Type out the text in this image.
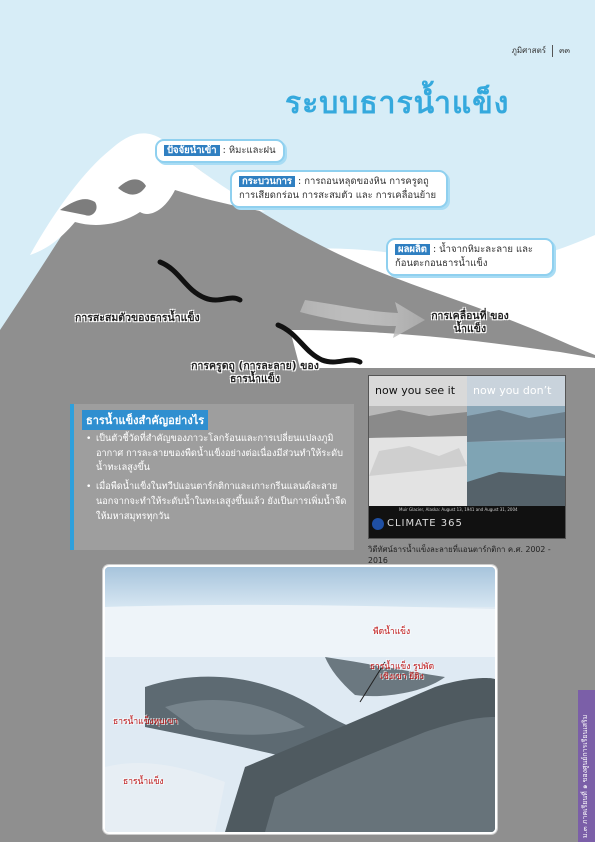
ภูมิศาสตร์ ๓๓
ระบบธารน้ำแข็ง
ปัจจัยนำเข้า : หิมะและฝน
กระบวนการ : การถอนหลุดของหิน การครูดถู การเสียดกร่อน การสะสมตัว และ การเคลื่อนย้าย
ผลผลิต : น้ำจากหิมะละลาย และ ก้อนตะกอนธารน้ำแข็ง
การสะสมตัวของธารน้ำแข็ง
การครูดถู (การละลาย) ของธารน้ำแข็ง
การเคลื่อนที่ ของน้ำแข็ง
ธารน้ำแข็งสำคัญอย่างไร
• เป็นตัวชี้วัดที่สำคัญของภาวะโลกร้อนและการเปลี่ยนแปลงภูมิอากาศ การละลายของพืดน้ำแข็งอย่างต่อเนื่องมีส่วนทำให้ระดับน้ำทะเลสูงขึ้น
• เมื่อพืดน้ำแข็งในทวีปแอนตาร์กติกาและเกาะกรีนแลนด์ละลาย นอกจากจะทำให้ระดับน้ำในทะเลสูงขึ้นแล้ว ยังเป็นการเพิ่มน้ำจืดให้มหาสมุทรทุกวัน
now you see it now you don’t
Muir Glacier, Alaska: August 13, 1941 and August 31, 2004
CLIMATE 365
วิดีทัศน์ธารน้ำแข็งละลายที่แอนตาร์กติกา ค.ศ. 2002 - 2016
พืดน้ำแข็ง
ธารน้ำแข็ง รูปพัดเชิงเขา ยีดิง
ธารน้ำแข็งหุบเขา
ธารน้ำแข็ง	ม.๓ ภาคเรียนที่ ๑ ของศูนย์การเรียนเสริม
